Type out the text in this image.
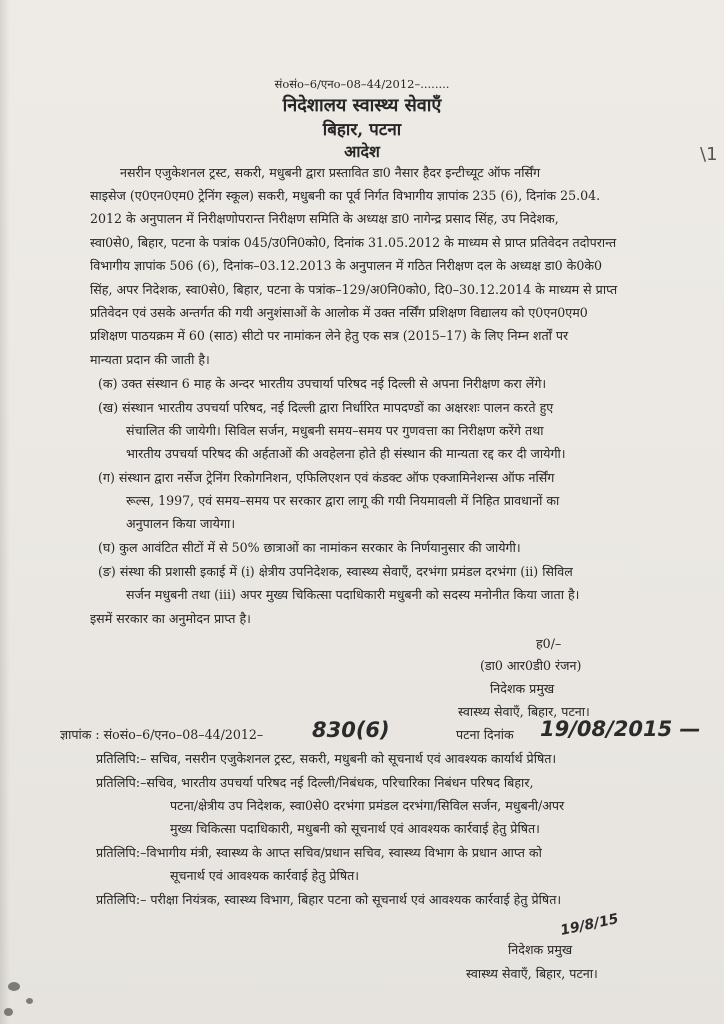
संoसंo–6/एनo–08–44/2012–........
निदेशालय स्वास्थ्य सेवाएँ
बिहार, पटना
आदेश	\1
नसरीन एजुकेशनल ट्रस्ट, सकरी, मधुबनी द्वारा प्रस्तावित डा0 नैसार हैदर इन्टीच्यूट ऑफ नर्सिंग
साइसेज (ए0एन0एम0 ट्रेनिंग स्कूल) सकरी, मधुबनी का पूर्व निर्गत विभागीय ज्ञापांक 235 (6), दिनांक 25.04.
2012 के अनुपालन में निरीक्षणोपरान्त निरीक्षण समिति के अध्यक्ष डा0 नागेन्द्र प्रसाद सिंह, उप निदेशक,
स्वा0से0, बिहार, पटना के पत्रांक 045/उ0नि0को0, दिनांक 31.05.2012 के माध्यम से प्राप्त प्रतिवेदन तदोपरान्त
विभागीय ज्ञापांक 506 (6), दिनांक–03.12.2013 के अनुपालन में गठित निरीक्षण दल के अध्यक्ष डा0 के0के0
सिंह, अपर निदेशक, स्वा0से0, बिहार, पटना के पत्रांक–129/अ0नि0को0, दि0–30.12.2014 के माध्यम से प्राप्त
प्रतिवेदन एवं उसके अन्तर्गत की गयी अनुशंसाओं के आलोक में उक्त नर्सिंग प्रशिक्षण विद्यालय को ए0एन0एम0
प्रशिक्षण पाठयक्रम में 60 (साठ) सीटो पर नामांकन लेने हेतु एक सत्र (2015–17) के लिए निम्न शर्तों पर
मान्यता प्रदान की जाती है।
(क) उक्त संस्थान 6 माह के अन्दर भारतीय उपचार्या परिषद नई दिल्ली से अपना निरीक्षण करा लेंगे।
(ख) संस्थान भारतीय उपचर्या परिषद, नई दिल्ली द्वारा निर्धारित मापदण्डों का अक्षरशः पालन करते हुए
संचालित की जायेगी। सिविल सर्जन, मधुबनी समय–समय पर गुणवत्ता का निरीक्षण करेंगे तथा
भारतीय उपचर्या परिषद की अर्हताओं की अवहेलना होते ही संस्थान की मान्यता रद्द कर दी जायेगी।
(ग) संस्थान द्वारा नर्सेज ट्रेनिंग रिकोगनिशन, एफिलिएशन एवं कंडक्ट ऑफ एक्जामिनेशन्स ऑफ नर्सिंग
रूल्स, 1997, एवं समय–समय पर सरकार द्वारा लागू की गयी नियमावली में निहित प्रावधानों का
अनुपालन किया जायेगा।
(घ) कुल आवंटित सीटों में से 50% छात्राओं का नामांकन सरकार के निर्णयानुसार की जायेगी।
(ङ) संस्था की प्रशासी इकाई में (i) क्षेत्रीय उपनिदेशक, स्वास्थ्य सेवाएँ, दरभंगा प्रमंडल दरभंगा (ii) सिविल
सर्जन मधुबनी तथा (iii) अपर मुख्य चिकित्सा पदाधिकारी मधुबनी को सदस्य मनोनीत किया जाता है।
इसमें सरकार का अनुमोदन प्राप्त है।
ह0/–
(डा0 आर0डी0 रंजन)
निदेशक प्रमुख
स्वास्थ्य सेवाएँ, बिहार, पटना।
ज्ञापांक : संoसंo–6/एनo–08–44/2012– 830(6)	पटना दिनांक 19/08/2015 —
प्रतिलिपि:– सचिव, नसरीन एजुकेशनल ट्रस्ट, सकरी, मधुबनी को सूचनार्थ एवं आवश्यक कार्यार्थ प्रेषित।
प्रतिलिपि:–सचिव, भारतीय उपचर्या परिषद नई दिल्ली/निबंधक, परिचारिका निबंधन परिषद बिहार,
पटना/क्षेत्रीय उप निदेशक, स्वा0से0 दरभंगा प्रमंडल दरभंगा/सिविल सर्जन, मधुबनी/अपर
मुख्य चिकित्सा पदाधिकारी, मधुबनी को सूचनार्थ एवं आवश्यक कार्रवाई हेतु प्रेषित।
प्रतिलिपि:–विभागीय मंत्री, स्वास्थ्य के आप्त सचिव/प्रधान सचिव, स्वास्थ्य विभाग के प्रधान आप्त को
सूचनार्थ एवं आवश्यक कार्रवाई हेतु प्रेषित।
प्रतिलिपि:– परीक्षा नियंत्रक, स्वास्थ्य विभाग, बिहार पटना को सूचनार्थ एवं आवश्यक कार्रवाई हेतु प्रेषित।
19/8/15
निदेशक प्रमुख
स्वास्थ्य सेवाएँ, बिहार, पटना।
